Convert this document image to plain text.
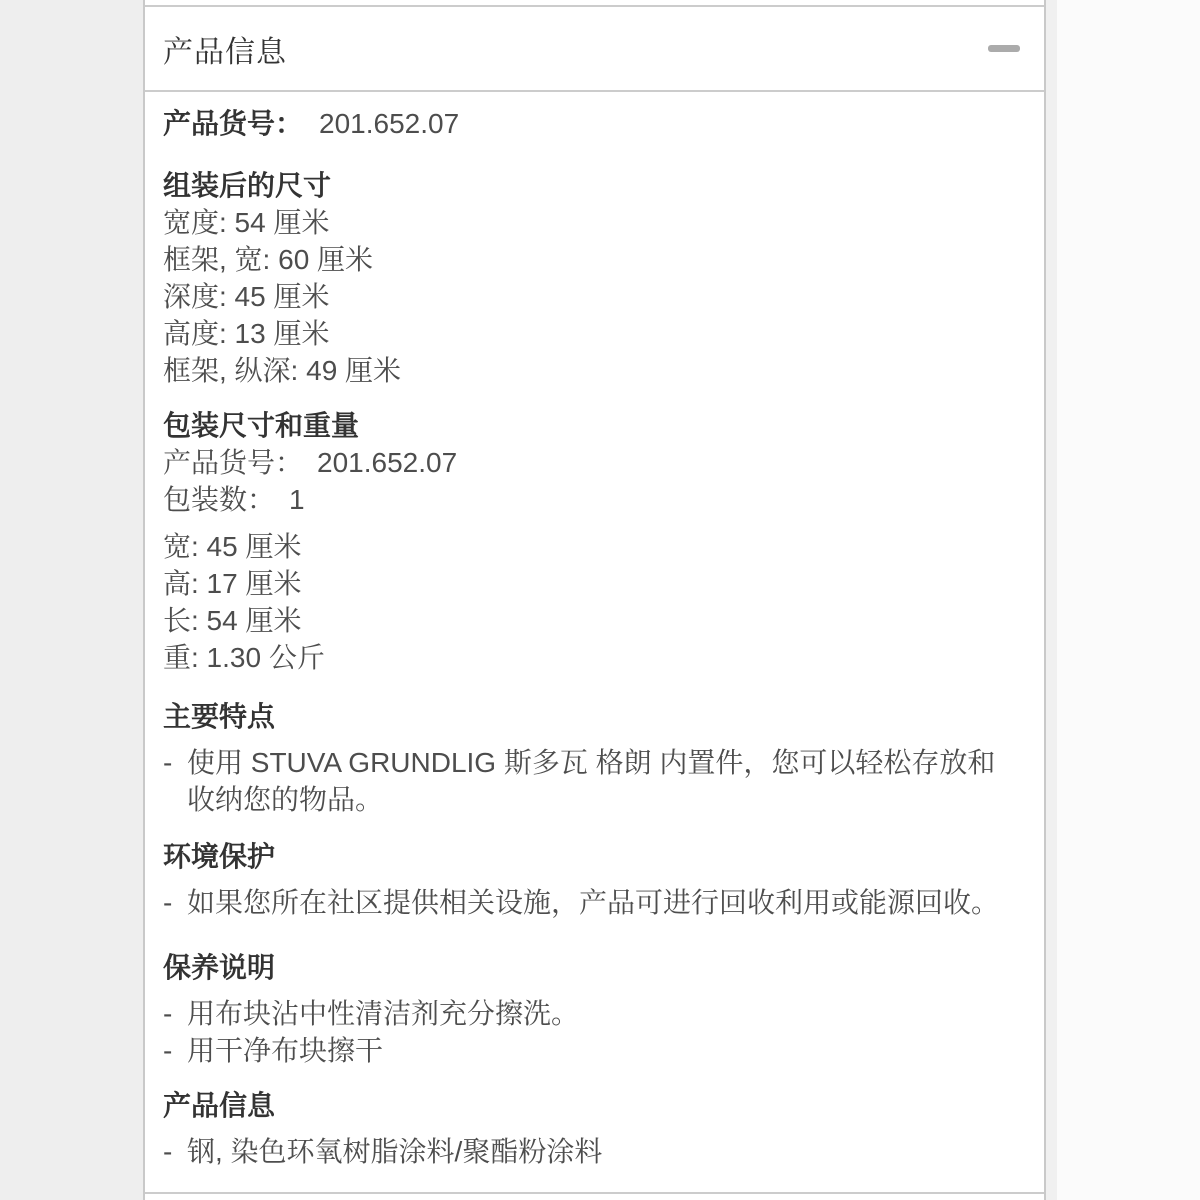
产品信息
产品货号： 201.652.07
组装后的尺寸
宽度: 54 厘米
框架, 宽: 60 厘米
深度: 45 厘米
高度: 13 厘米
框架, 纵深: 49 厘米
包装尺寸和重量
产品货号： 201.652.07
包装数： 1
宽: 45 厘米
高: 17 厘米
长: 54 厘米
重: 1.30 公斤
主要特点
- 使用 STUVA GRUNDLIG 斯多瓦 格朗 内置件，您可以轻松存放和收纳您的物品。
环境保护
- 如果您所在社区提供相关设施，产品可进行回收利用或能源回收。
保养说明
- 用布块沾中性清洁剂充分擦洗。
- 用干净布块擦干
产品信息
- 钢, 染色环氧树脂涂料/聚酯粉涂料
